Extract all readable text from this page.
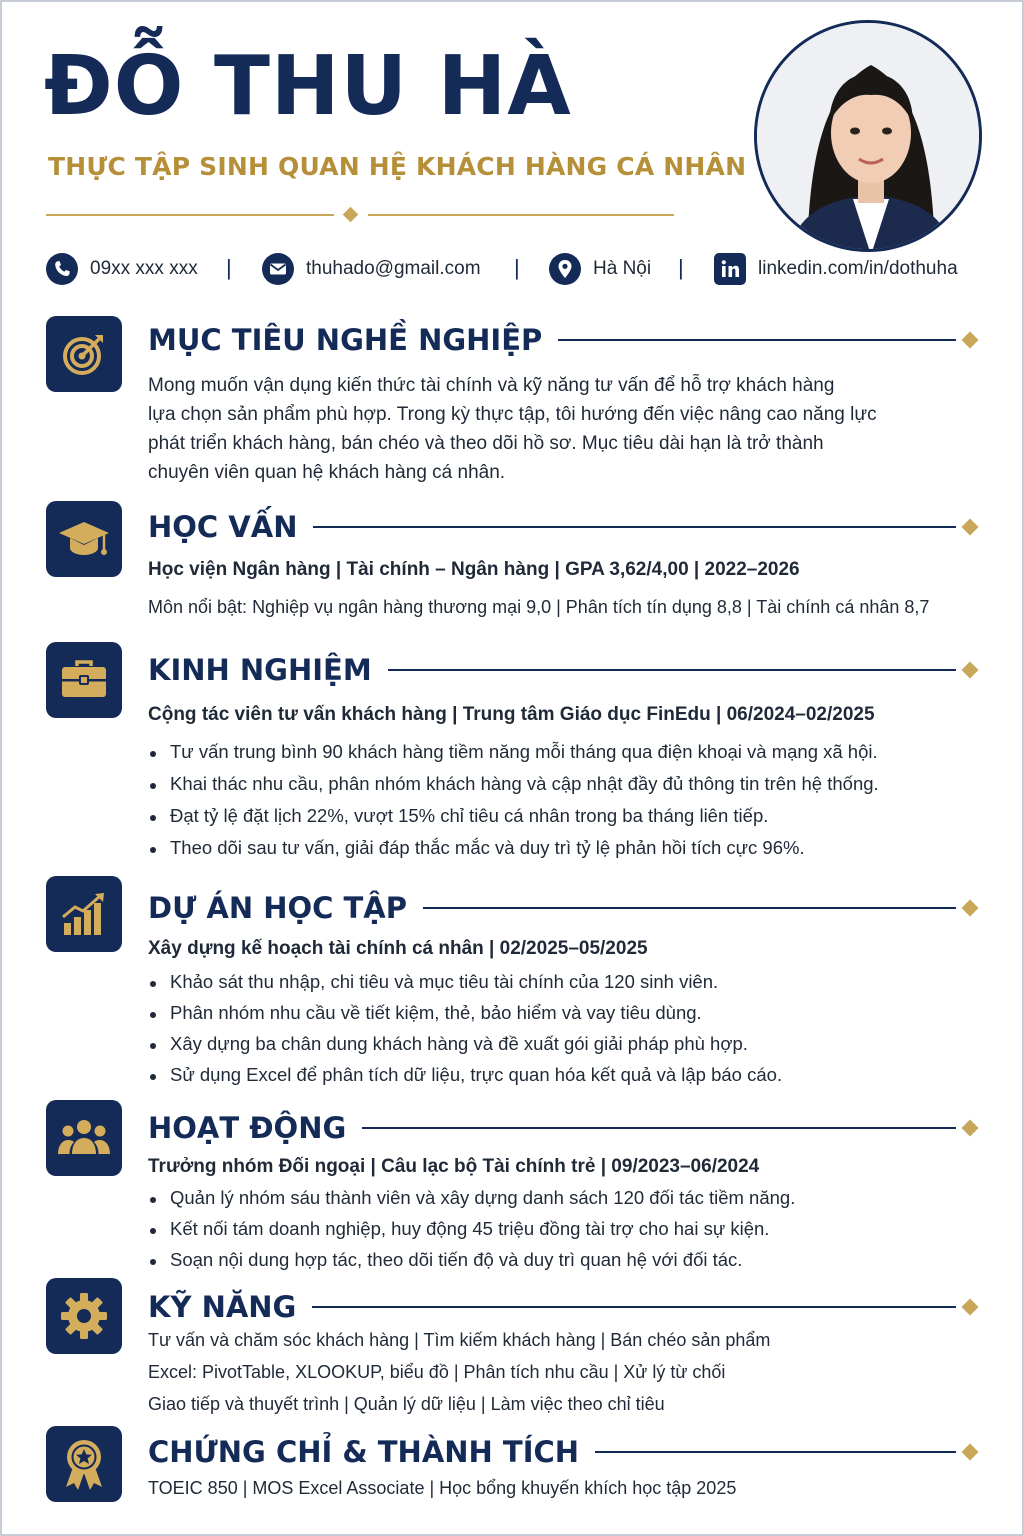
ĐỖ THU HÀ
THỰC TẬP SINH QUAN HỆ KHÁCH HÀNG CÁ NHÂN
09xx xxx xxx |	thuhado@gmail.com |	Hà Nội |	linkedin.com/in/dothuha
MỤC TIÊU NGHỀ NGHIỆP
Mong muốn vận dụng kiến thức tài chính và kỹ năng tư vấn để hỗ trợ khách hàng
lựa chọn sản phẩm phù hợp. Trong kỳ thực tập, tôi hướng đến việc nâng cao năng lực
phát triển khách hàng, bán chéo và theo dõi hồ sơ. Mục tiêu dài hạn là trở thành
chuyên viên quan hệ khách hàng cá nhân.
HỌC VẤN
Học viện Ngân hàng | Tài chính – Ngân hàng | GPA 3,62/4,00 | 2022–2026
Môn nổi bật: Nghiệp vụ ngân hàng thương mại 9,0 | Phân tích tín dụng 8,8 | Tài chính cá nhân 8,7
KINH NGHIỆM
Cộng tác viên tư vấn khách hàng | Trung tâm Giáo dục FinEdu | 06/2024–02/2025
Tư vấn trung bình 90 khách hàng tiềm năng mỗi tháng qua điện khoại và mạng xã hội.
Khai thác nhu cầu, phân nhóm khách hàng và cập nhật đầy đủ thông tin trên hệ thống.
Đạt tỷ lệ đặt lịch 22%, vượt 15% chỉ tiêu cá nhân trong ba tháng liên tiếp.
Theo dõi sau tư vấn, giải đáp thắc mắc và duy trì tỷ lệ phản hồi tích cực 96%.
DỰ ÁN HỌC TẬP
Xây dựng kế hoạch tài chính cá nhân | 02/2025–05/2025
Khảo sát thu nhập, chi tiêu và mục tiêu tài chính của 120 sinh viên.
Phân nhóm nhu cầu về tiết kiệm, thẻ, bảo hiểm và vay tiêu dùng.
Xây dựng ba chân dung khách hàng và đề xuất gói giải pháp phù hợp.
Sử dụng Excel để phân tích dữ liệu, trực quan hóa kết quả và lập báo cáo.
HOẠT ĐỘNG
Trưởng nhóm Đối ngoại | Câu lạc bộ Tài chính trẻ | 09/2023–06/2024
Quản lý nhóm sáu thành viên và xây dựng danh sách 120 đối tác tiềm năng.
Kết nối tám doanh nghiệp, huy động 45 triệu đồng tài trợ cho hai sự kiện.
Soạn nội dung hợp tác, theo dõi tiến độ và duy trì quan hệ với đối tác.
KỸ NĂNG
Tư vấn và chăm sóc khách hàng | Tìm kiếm khách hàng | Bán chéo sản phẩm
Excel: PivotTable, XLOOKUP, biểu đồ | Phân tích nhu cầu | Xử lý từ chối
Giao tiếp và thuyết trình | Quản lý dữ liệu | Làm việc theo chỉ tiêu
CHỨNG CHỈ & THÀNH TÍCH
TOEIC 850 | MOS Excel Associate | Học bổng khuyến khích học tập 2025
